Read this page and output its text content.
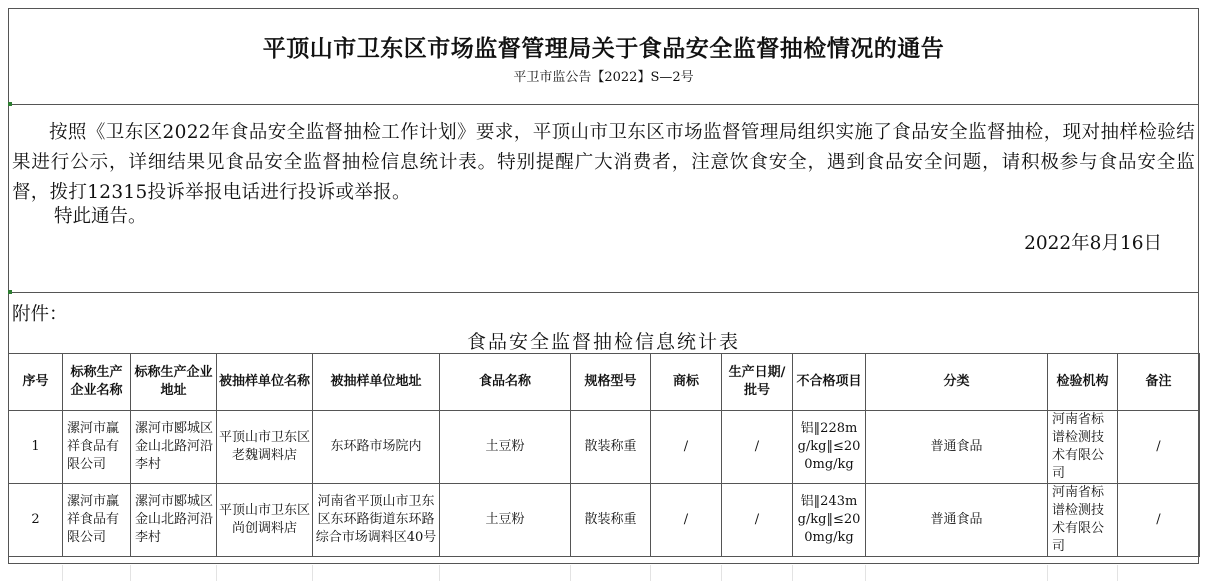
平顶山市卫东区市场监督管理局关于食品安全监督抽检情况的通告
平卫市监公告【2022】S—2号
按照《卫东区2022年食品安全监督抽检工作计划》要求，平顶山市卫东区市场监督管理局组织实施了食品安全监督抽检，现对抽样检验结果进行公示，详细结果见食品安全监督抽检信息统计表。特别提醒广大消费者，注意饮食安全，遇到食品安全问题，请积极参与食品安全监督，拨打12315投诉举报电话进行投诉或举报。
特此通告。
2022年8月16日
附件：
食品安全监督抽检信息统计表
序号	标称生产企业名称	标称生产企业地址	被抽样单位名称	被抽样单位地址	食品名称	规格型号	商标	生产日期/批号	不合格项目	分类	检验机构	备注
1	漯河市赢祥食品有限公司	漯河市郾城区金山北路河沿李村	平顶山市卫东区老魏调料店	东环路市场院内	土豆粉	散装称重	/	/	铝‖228mg/kg‖≤200mg/kg	普通食品	河南省标谱检测技术有限公司	/
2	漯河市赢祥食品有限公司	漯河市郾城区金山北路河沿李村	平顶山市卫东区尚创调料店	河南省平顶山市卫东区东环路街道东环路综合市场调料区40号	土豆粉	散装称重	/	/	铝‖243mg/kg‖≤200mg/kg	普通食品	河南省标谱检测技术有限公司	/
